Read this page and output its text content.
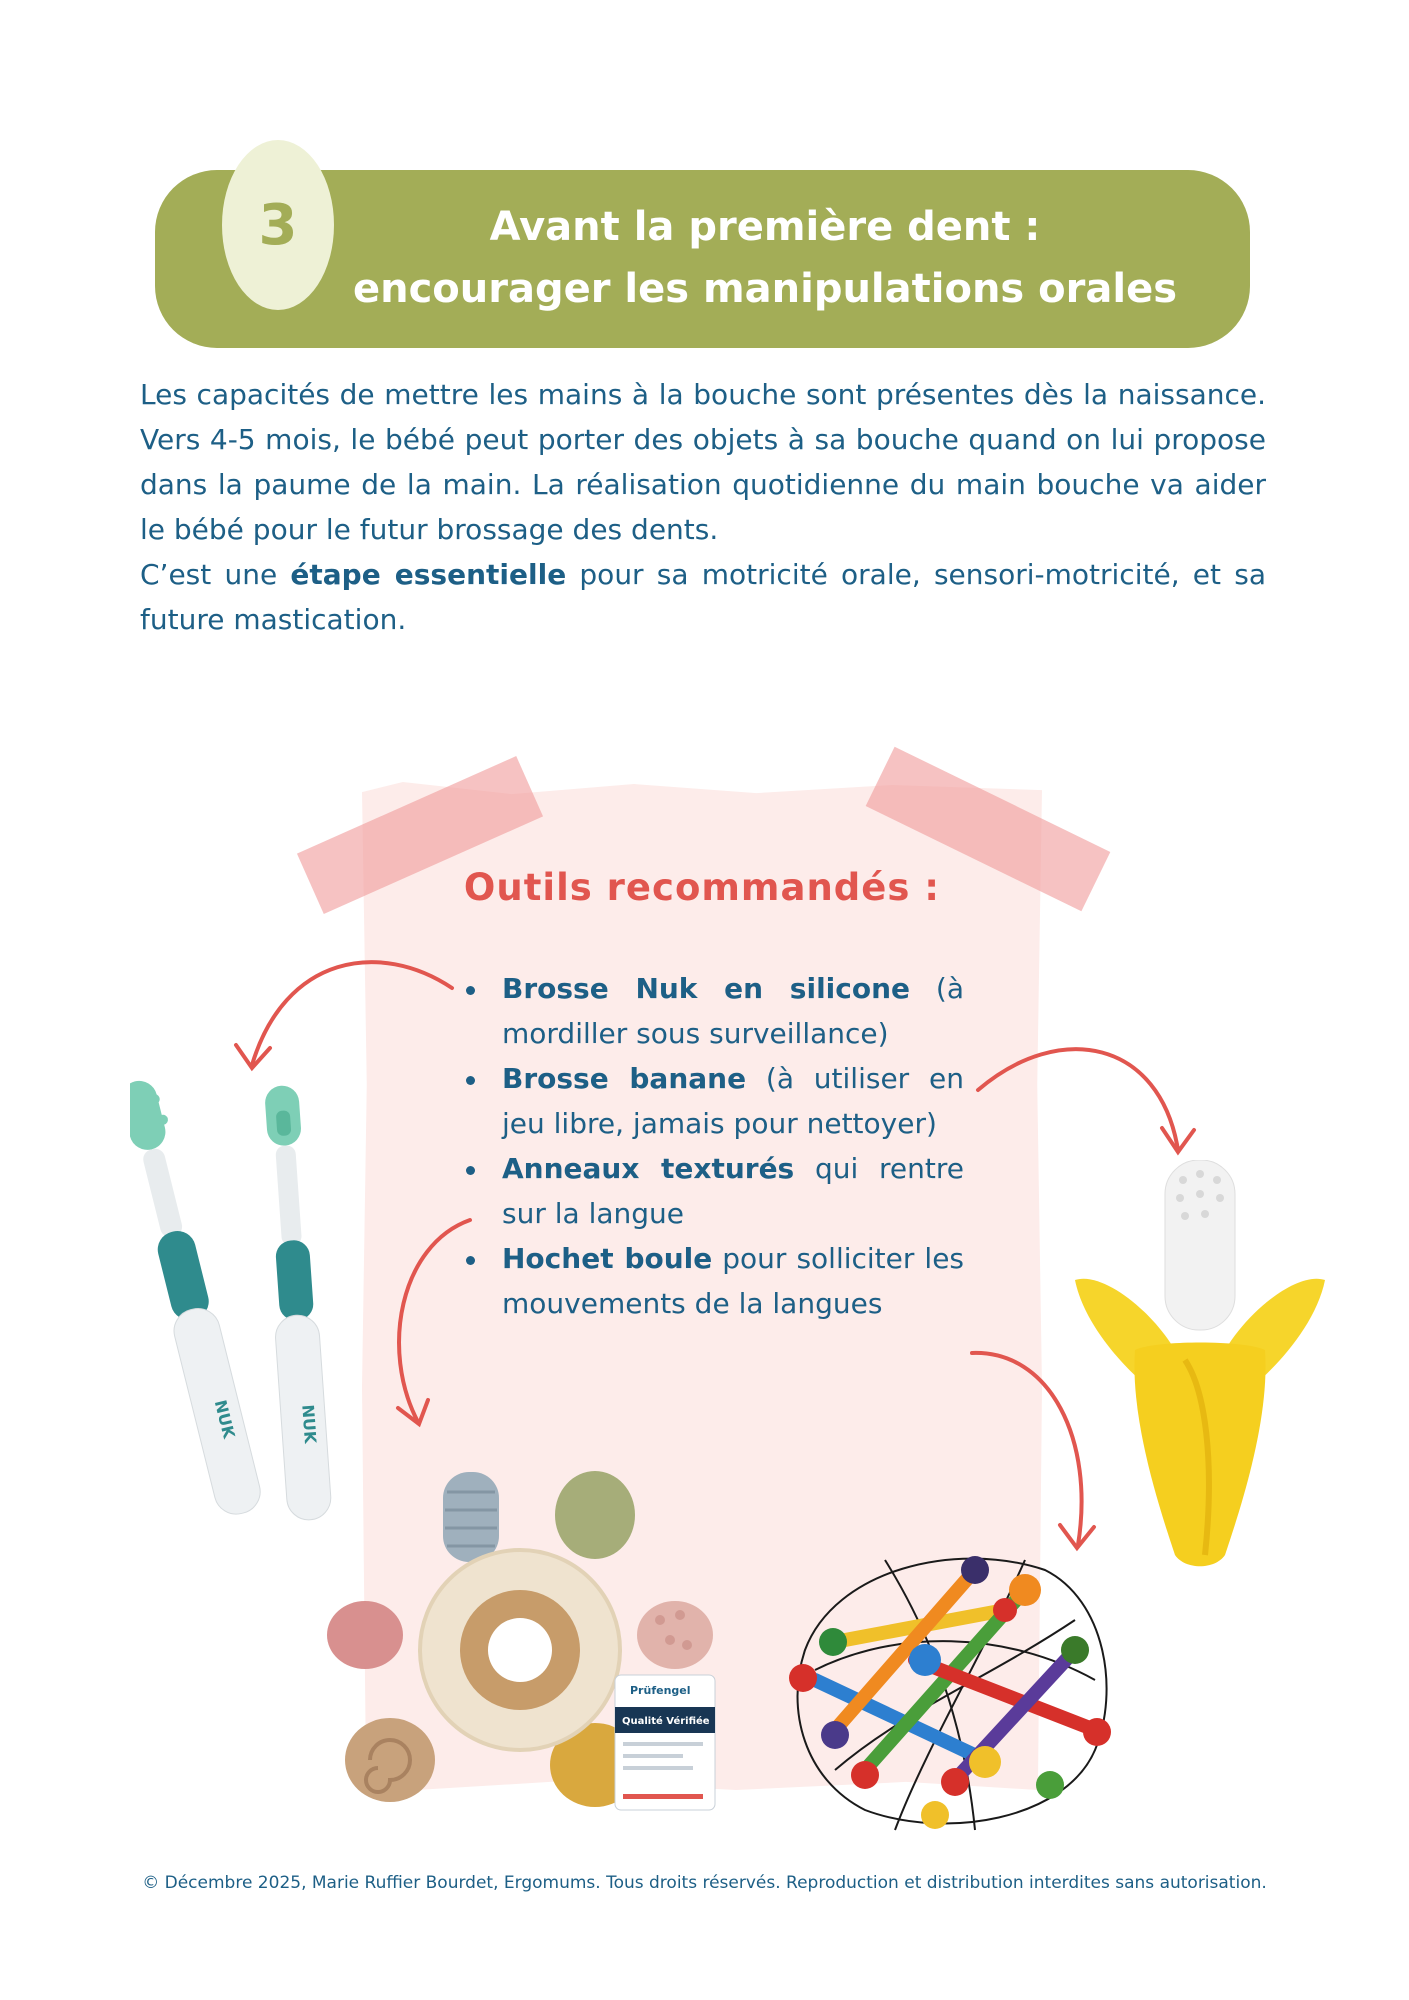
3	Avant la première dent :
encourager les manipulations orales

Les capacités de mettre les mains à la bouche sont présentes dès la naissance. Vers 4-5 mois, le bébé peut porter des objets à sa bouche quand on lui propose dans la paume de la main. La réalisation quotidienne du main bouche va aider le bébé pour le futur brossage des dents.

C’est une étape essentielle pour sa motricité orale, sensori-motricité, et sa future mastication.

Outils recommandés :
Brosse Nuk en silicone (à mordiller sous surveillance)
Brosse banane (à utiliser en jeu libre, jamais pour nettoyer)
Anneaux texturés qui rentre sur la langue
Hochet boule pour solliciter les mouvements de la langues
NUK	NUK
Prüfengel
Qualité Vérifiée
© Décembre 2025, Marie Ruffier Bourdet, Ergomums. Tous droits réservés. Reproduction et distribution interdites sans autorisation.
